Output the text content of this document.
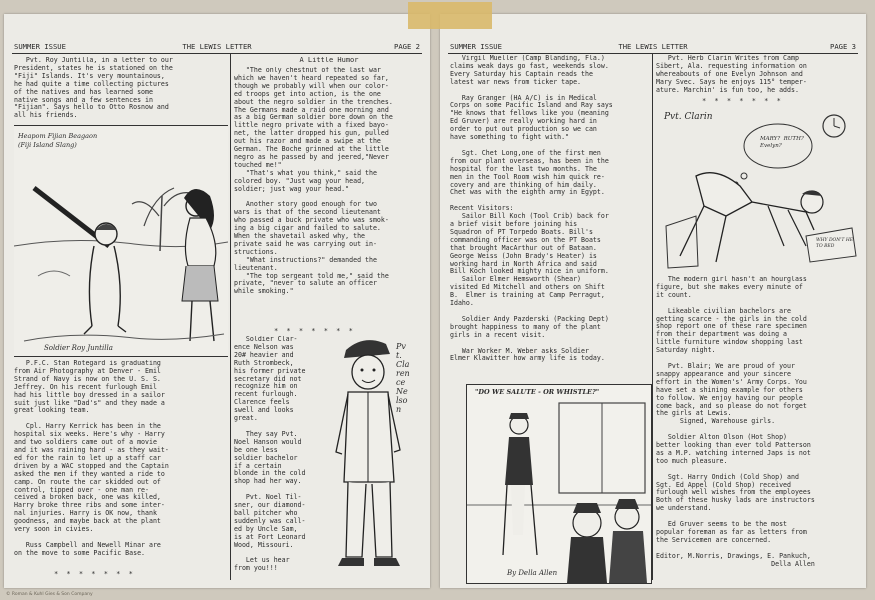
SUMMER ISSUE	THE LEWIS LETTER	PAGE 2
Pvt. Roy Juntilla, in a letter to our
President, states he is stationed on the
"Fiji" Islands. It's very mountainous,
he had quite a time collecting pictures
of the natives and has learned some
native songs and a few sentences in
"Fijian". Says hello to Otto Rosnow and
all his friends.
Heapom Fijian Beagaon
(Fiji Island Slang)
Soldier Roy Juntilla
P.F.C. Stan Rotegard is graduating
from Air Photography at Denver - Emil
Strand of Navy is now on the U. S. S.
Jeffrey. On his recent furlough Emil
had his little boy dressed in a sailor
suit just like "Dad's" and they made a
great looking team.

Cpl. Harry Kerrick has been in the
hospital six weeks. Here's why - Harry
and two soldiers came out of a movie
and it was raining hard - as they wait-
ed for the rain to let up a staff car
driven by a WAC stopped and the Captain
asked the men if they wanted a ride to
camp. On route the car skidded out of
control, tipped over - one man re-
ceived a broken back, one was killed,
Harry broke three ribs and some inter-
nal injuries. Harry is OK now, thank
goodness, and maybe back at the plant
very soon in civies.

Russ Campbell and Newell Minar are
on the move to some Pacific Base.
* * * * * * *
A Little Humor
"The only chestnut of the last war
which we haven't heard repeated so far,
though we probably will when our color-
ed troops get into action, is the one
about the negro soldier in the trenches.
The Germans made a raid one morning and
as a big German soldier bore down on the
little negro private with a fixed bayo-
net, the latter dropped his gun, pulled
out his razor and made a swipe at the
German. The Boche grinned at the little
negro as he passed by and jeered,"Never
touched me!"
"That's what you think," said the
colored boy. "Just wag your head,
soldier; just wag your head."

Another story good enough for two
wars is that of the second lieutenant
who passed a buck private who was smok-
ing a big cigar and failed to salute.
When the shavetail asked why, the
private said he was carrying out in-
structions.
"What instructions?" demanded the
lieutenant.
"The top sergeant told me," said the
private, "never to salute an officer
while smoking."
* * * * * * *
Soldier Clar-
ence Nelson was
20# heavier and
Ruth Strombeck,
his former private
secretary did not
recognize him on
recent furlough.
Clarence feels
swell and looks
great.

They say Pvt.
Noel Hanson would
be one less
soldier bachelor
if a certain
blonde in the cold
shop had her way.

Pvt. Noel Til-
sner, our diamond-
ball pitcher who
suddenly was call-
ed by Uncle Sam,
is at Fort Leonard
Wood, Missouri.

Let us hear
from you!!!
Pvt. Clarence Nelson
SUMMER ISSUE	THE LEWIS LETTER	PAGE 3
Virgil Mueller (Camp Blanding, Fla.)
claims weak days go fast, weekends slow.
Every Saturday his Captain reads the
latest war news from ticker tape.

Ray Granger (HA A/C) is in Medical
Corps on some Pacific Island and Ray says
"He knows that fellows like you (meaning
Ed Gruver) are really working hard in
order to put out production so we can
have something to fight with."

Sgt. Chet Long,one of the first men
from our plant overseas, has been in the
hospital for the last two months. The
men in the Tool Room wish him quick re-
covery and are thinking of him daily.
Chet was with the eighth army in Egypt.

Recent Visitors:
Sailor Bill Koch (Tool Crib) back for
a brief visit before joining his
Squadron of PT Torpedo Boats. Bill's
commanding officer was on the PT Boats
that brought MacArthur out of Bataan.
George Weiss (John Brady's Heater) is
working hard in North Africa and said
Bill Koch looked mighty nice in uniform.
Sailor Elmer Hemsworth (Shear)
visited Ed Mitchell and others on Shift
B.  Elmer is training at Camp Perragut,
Idaho.

Soldier Andy Pazderski (Packing Dept)
brought happiness to many of the plant
girls in a recent visit.

War Worker M. Weber asks Soldier
Elmer Klawitter how army life is today.
"DO WE SALUTE - OR WHISTLE?"
By Della Allen
Pvt. Herb Clarin Writes from Camp
Sibert, Ala. requesting information on
whereabouts of one Evelyn Johnson and
Mary Svec. Says he enjoys 115° temper-
ature. Marchin' is fun too, he adds.
* * * * * * *
Pvt. Clarin
MARY?  RUTH?
Evelyn?
WHY DON'T HE
TO BED
The modern girl hasn't an hourglass
figure, but she makes every minute of
it count.

Likeable civilian bachelors are
getting scarce - the girls in the cold
shop report one of these rare specimen
from their department was doing a
little furniture window shopping last
Saturday night.

Pvt. Blair; We are proud of your
snappy appearance and your sincere
effort in the Women's' Army Corps. You
have set a shining example for others
to follow. We enjoy having our people
come back, and so please do not forget
the girls at Lewis.
Signed, Warehouse girls.

Soldier Alton Olson (Hot Shop)
better looking than ever told Patterson
as a M.P. watching interned Japs is not
too much pleasure.

Sgt. Harry Ondich (Cold Shop) and
Sgt. Ed Appel (Cold Shop) received
furlough well wishes from the employees
Both of these husky lads are instructors
we understand.

Ed Gruver seems to be the most
popular foreman as far as letters from
the Servicemen are concerned.

Editor, M.Norris, Drawings, E. Pankuch,
Della Allen
© Roman & Kuhl Gies & Son Company
